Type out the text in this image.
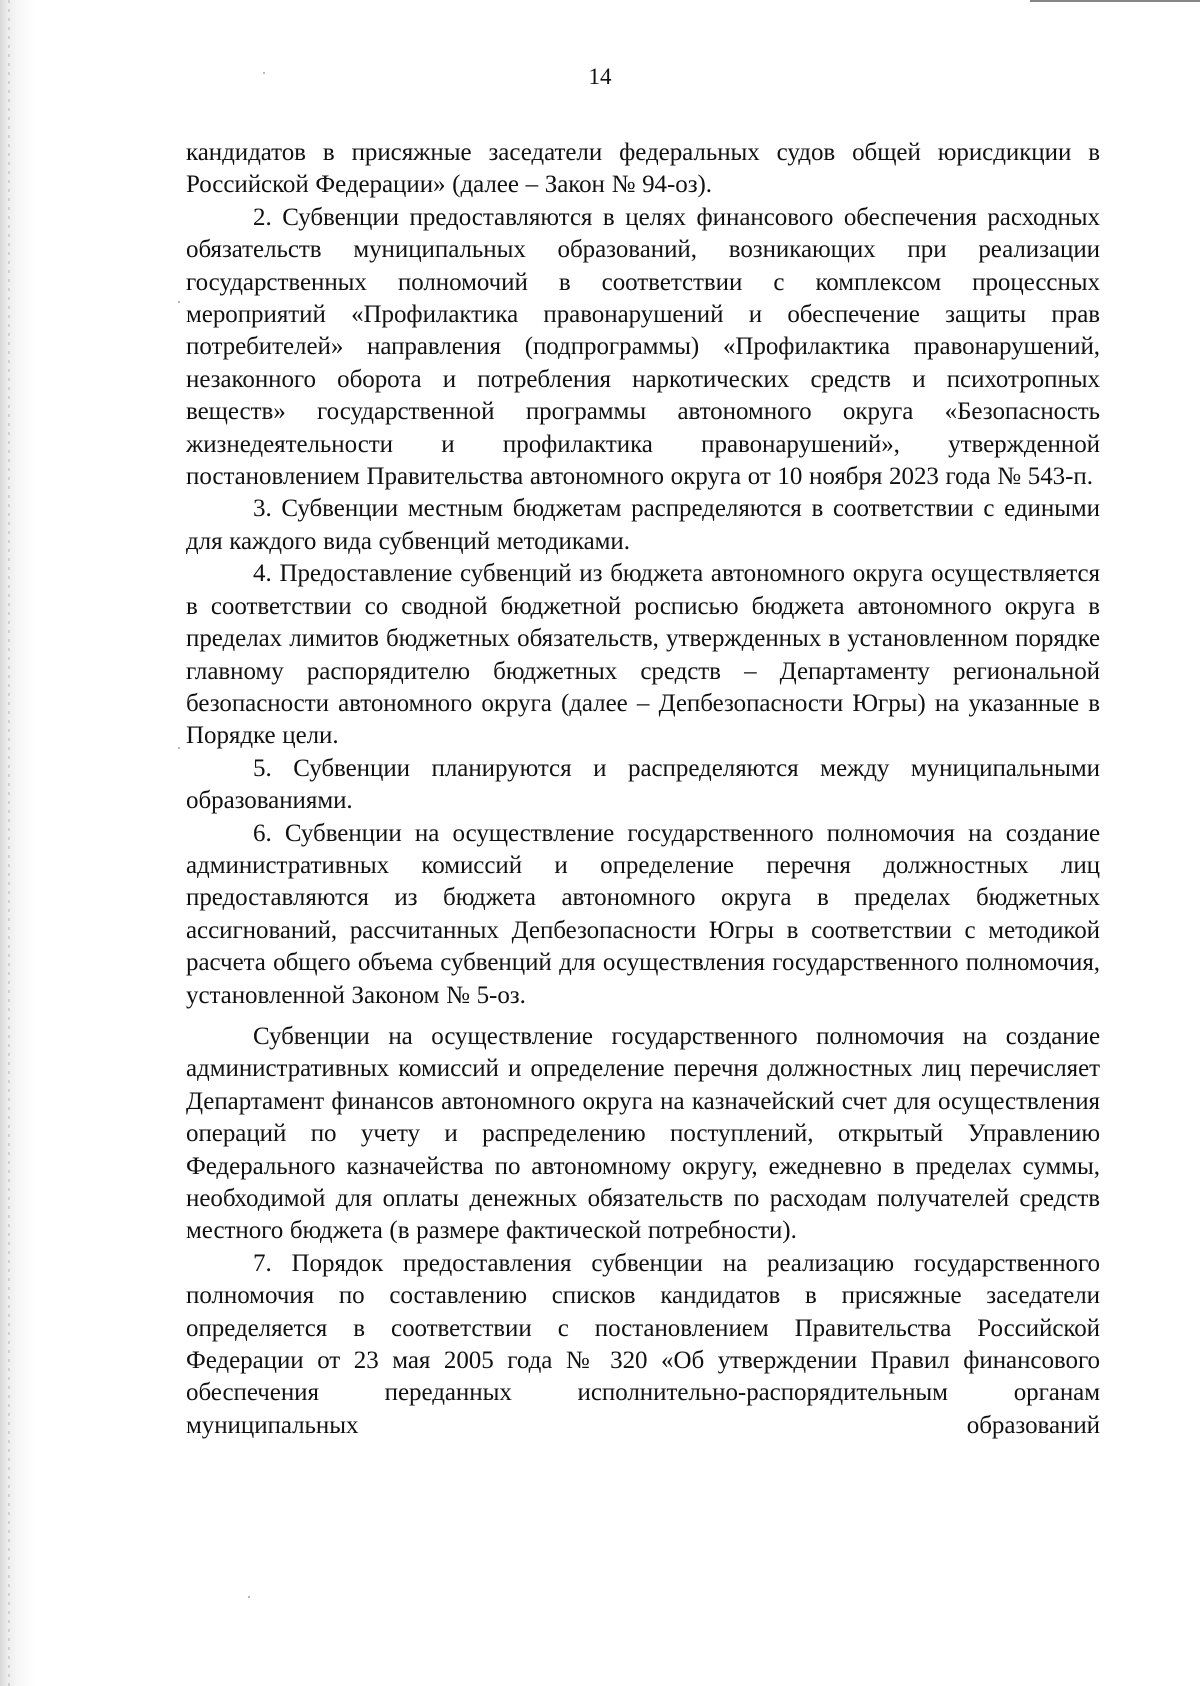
14

кандидатов в присяжные заседатели федеральных судов общей юрисдикции в Российской Федерации» (далее – Закон № 94-оз).

2. Субвенции предоставляются в целях финансового обеспечения расходных обязательств муниципальных образований, возникающих при реализации государственных полномочий в соответствии с комплексом процессных мероприятий «Профилактика правонарушений и обеспечение защиты прав потребителей» направления (подпрограммы) «Профилактика правонарушений, незаконного оборота и потребления наркотических средств и психотропных веществ» государственной программы автономного округа «Безопасность жизнедеятельности и профилактика правонарушений», утвержденной постановлением Правительства автономного округа от 10 ноября 2023 года № 543-п.

3. Субвенции местным бюджетам распределяются в соответствии с едиными для каждого вида субвенций методиками.

4. Предоставление субвенций из бюджета автономного округа осуществляется в соответствии со сводной бюджетной росписью бюджета автономного округа в пределах лимитов бюджетных обязательств, утвержденных в установленном порядке главному распорядителю бюджетных средств – Департаменту региональной безопасности автономного округа (далее – Депбезопасности Югры) на указанные в Порядке цели.

5. Субвенции планируются и распределяются между муниципальными образованиями.

6. Субвенции на осуществление государственного полномочия на создание административных комиссий и определение перечня должностных лиц предоставляются из бюджета автономного округа в пределах бюджетных ассигнований, рассчитанных Депбезопасности Югры в соответствии с методикой расчета общего объема субвенций для осуществления государственного полномочия, установленной Законом № 5-оз.

Субвенции на осуществление государственного полномочия на создание административных комиссий и определение перечня должностных лиц перечисляет Департамент финансов автономного округа на казначейский счет для осуществления операций по учету и распределению поступлений, открытый Управлению Федерального казначейства по автономному округу, ежедневно в пределах суммы, необходимой для оплаты денежных обязательств по расходам получателей средств местного бюджета (в размере фактической потребности).

7. Порядок предоставления субвенции на реализацию государственного полномочия по составлению списков кандидатов в присяжные заседатели определяется в соответствии с постановлением Правительства Российской Федерации от 23 мая 2005 года № 320 «Об утверждении Правил финансового обеспечения переданных исполнительно-распорядительным органам муниципальных образований
